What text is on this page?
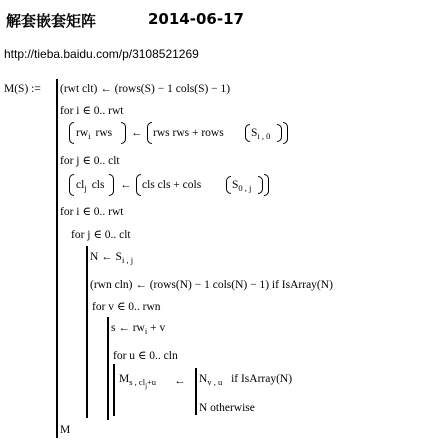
解套嵌套矩阵	2014-06-17
http://tieba.baidu.com/p/3108521269
M(S) := (rwt clt) ← (rows(S) − 1 cols(S) − 1)
for i ∈ 0.. rwt
$rw_i$ rws ← rws rws + rows $S_{i , 0}$
for j ∈ 0.. clt
$cl_j$ cls ← cls cls + cols	$S_{0 , j}$
for i ∈ 0.. rwt
for j ∈ 0.. clt
N ← $S_{i , j}$
(rwn cln) ← (rows(N) − 1 cols(N) − 1) if IsArray(N)
for v ∈ 0.. rwn
s ← $rw_i + v$
for u ∈ 0.. cln
$M_{s , cl_j+u}$ ← $N_{v , u}$ if IsArray(N)
N otherwise
M
